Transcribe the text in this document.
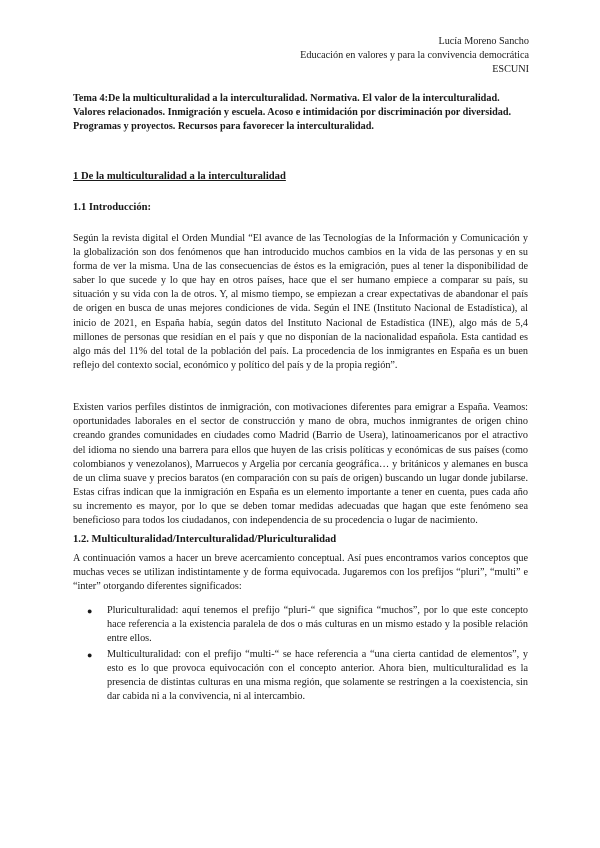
Lucía Moreno Sancho
Educación en valores y para la convivencia democrática
ESCUNI

Tema 4:De la multiculturalidad a la interculturalidad. Normativa. El valor de la interculturalidad. Valores relacionados. Inmigración y escuela. Acoso e intimidación por discriminación por diversidad. Programas y proyectos. Recursos para favorecer la interculturalidad.

1 De la multiculturalidad a la interculturalidad

1.1 Introducción:

Según la revista digital el Orden Mundial “El avance de las Tecnologías de la Información y Comunicación y la globalización son dos fenómenos que han introducido muchos cambios en la vida de las personas y en su forma de ver la misma. Una de las consecuencias de éstos es la emigración, pues al tener la disponibilidad de saber lo que sucede y lo que hay en otros países, hace que el ser humano empiece a comparar su país, su situación y su vida con la de otros. Y, al mismo tiempo, se empiezan a crear expectativas de abandonar el país de origen en busca de unas mejores condiciones de vida. Según el INE (Instituto Nacional de Estadística), al inicio de 2021, en España había, según datos del Instituto Nacional de Estadística (INE), algo más de 5,4 millones de personas que residían en el país y que no disponían de la nacionalidad española. Esta cantidad es algo más del 11% del total de la población del país. La procedencia de los inmigrantes en España es un buen reflejo del contexto social, económico y político del país y de la propia región”.

Existen varios perfiles distintos de inmigración, con motivaciones diferentes para emigrar a España. Veamos: oportunidades laborales en el sector de construcción y mano de obra, muchos inmigrantes de origen chino creando grandes comunidades en ciudades como Madrid (Barrio de Usera), latinoamericanos por el atractivo del idioma no siendo una barrera para ellos que huyen de las crisis políticas y económicas de sus países (como colombianos y venezolanos), Marruecos y Argelia por cercanía geográfica… y británicos y alemanes en busca de un clima suave y precios baratos (en comparación con su país de origen) buscando un lugar donde jubilarse. Estas cifras indican que la inmigración en España es un elemento importante a tener en cuenta, pues cada año su incremento es mayor, por lo que se deben tomar medidas adecuadas que hagan que este fenómeno sea beneficioso para todos los ciudadanos, con independencia de su procedencia o lugar de nacimiento.

1.2. Multiculturalidad/Interculturalidad/Pluriculturalidad

A continuación vamos a hacer un breve acercamiento conceptual. Así pues encontramos varios conceptos que muchas veces se utilizan indistintamente y de forma equivocada. Jugaremos con los prefijos “pluri”, “multi” e “inter” otorgando diferentes significados:

● Pluriculturalidad: aquí tenemos el prefijo “pluri-“ que significa “muchos”, por lo que este concepto hace referencia a la existencia paralela de dos o más culturas en un mismo estado y la posible relación entre ellos.
● Multiculturalidad: con el prefijo “multi-“ se hace referencia a “una cierta cantidad de elementos”, y esto es lo que provoca equivocación con el concepto anterior. Ahora bien, multiculturalidad es la presencia de distintas culturas en una misma región, que solamente se restringen a la coexistencia, sin dar cabida ni a la convivencia, ni al intercambio.
